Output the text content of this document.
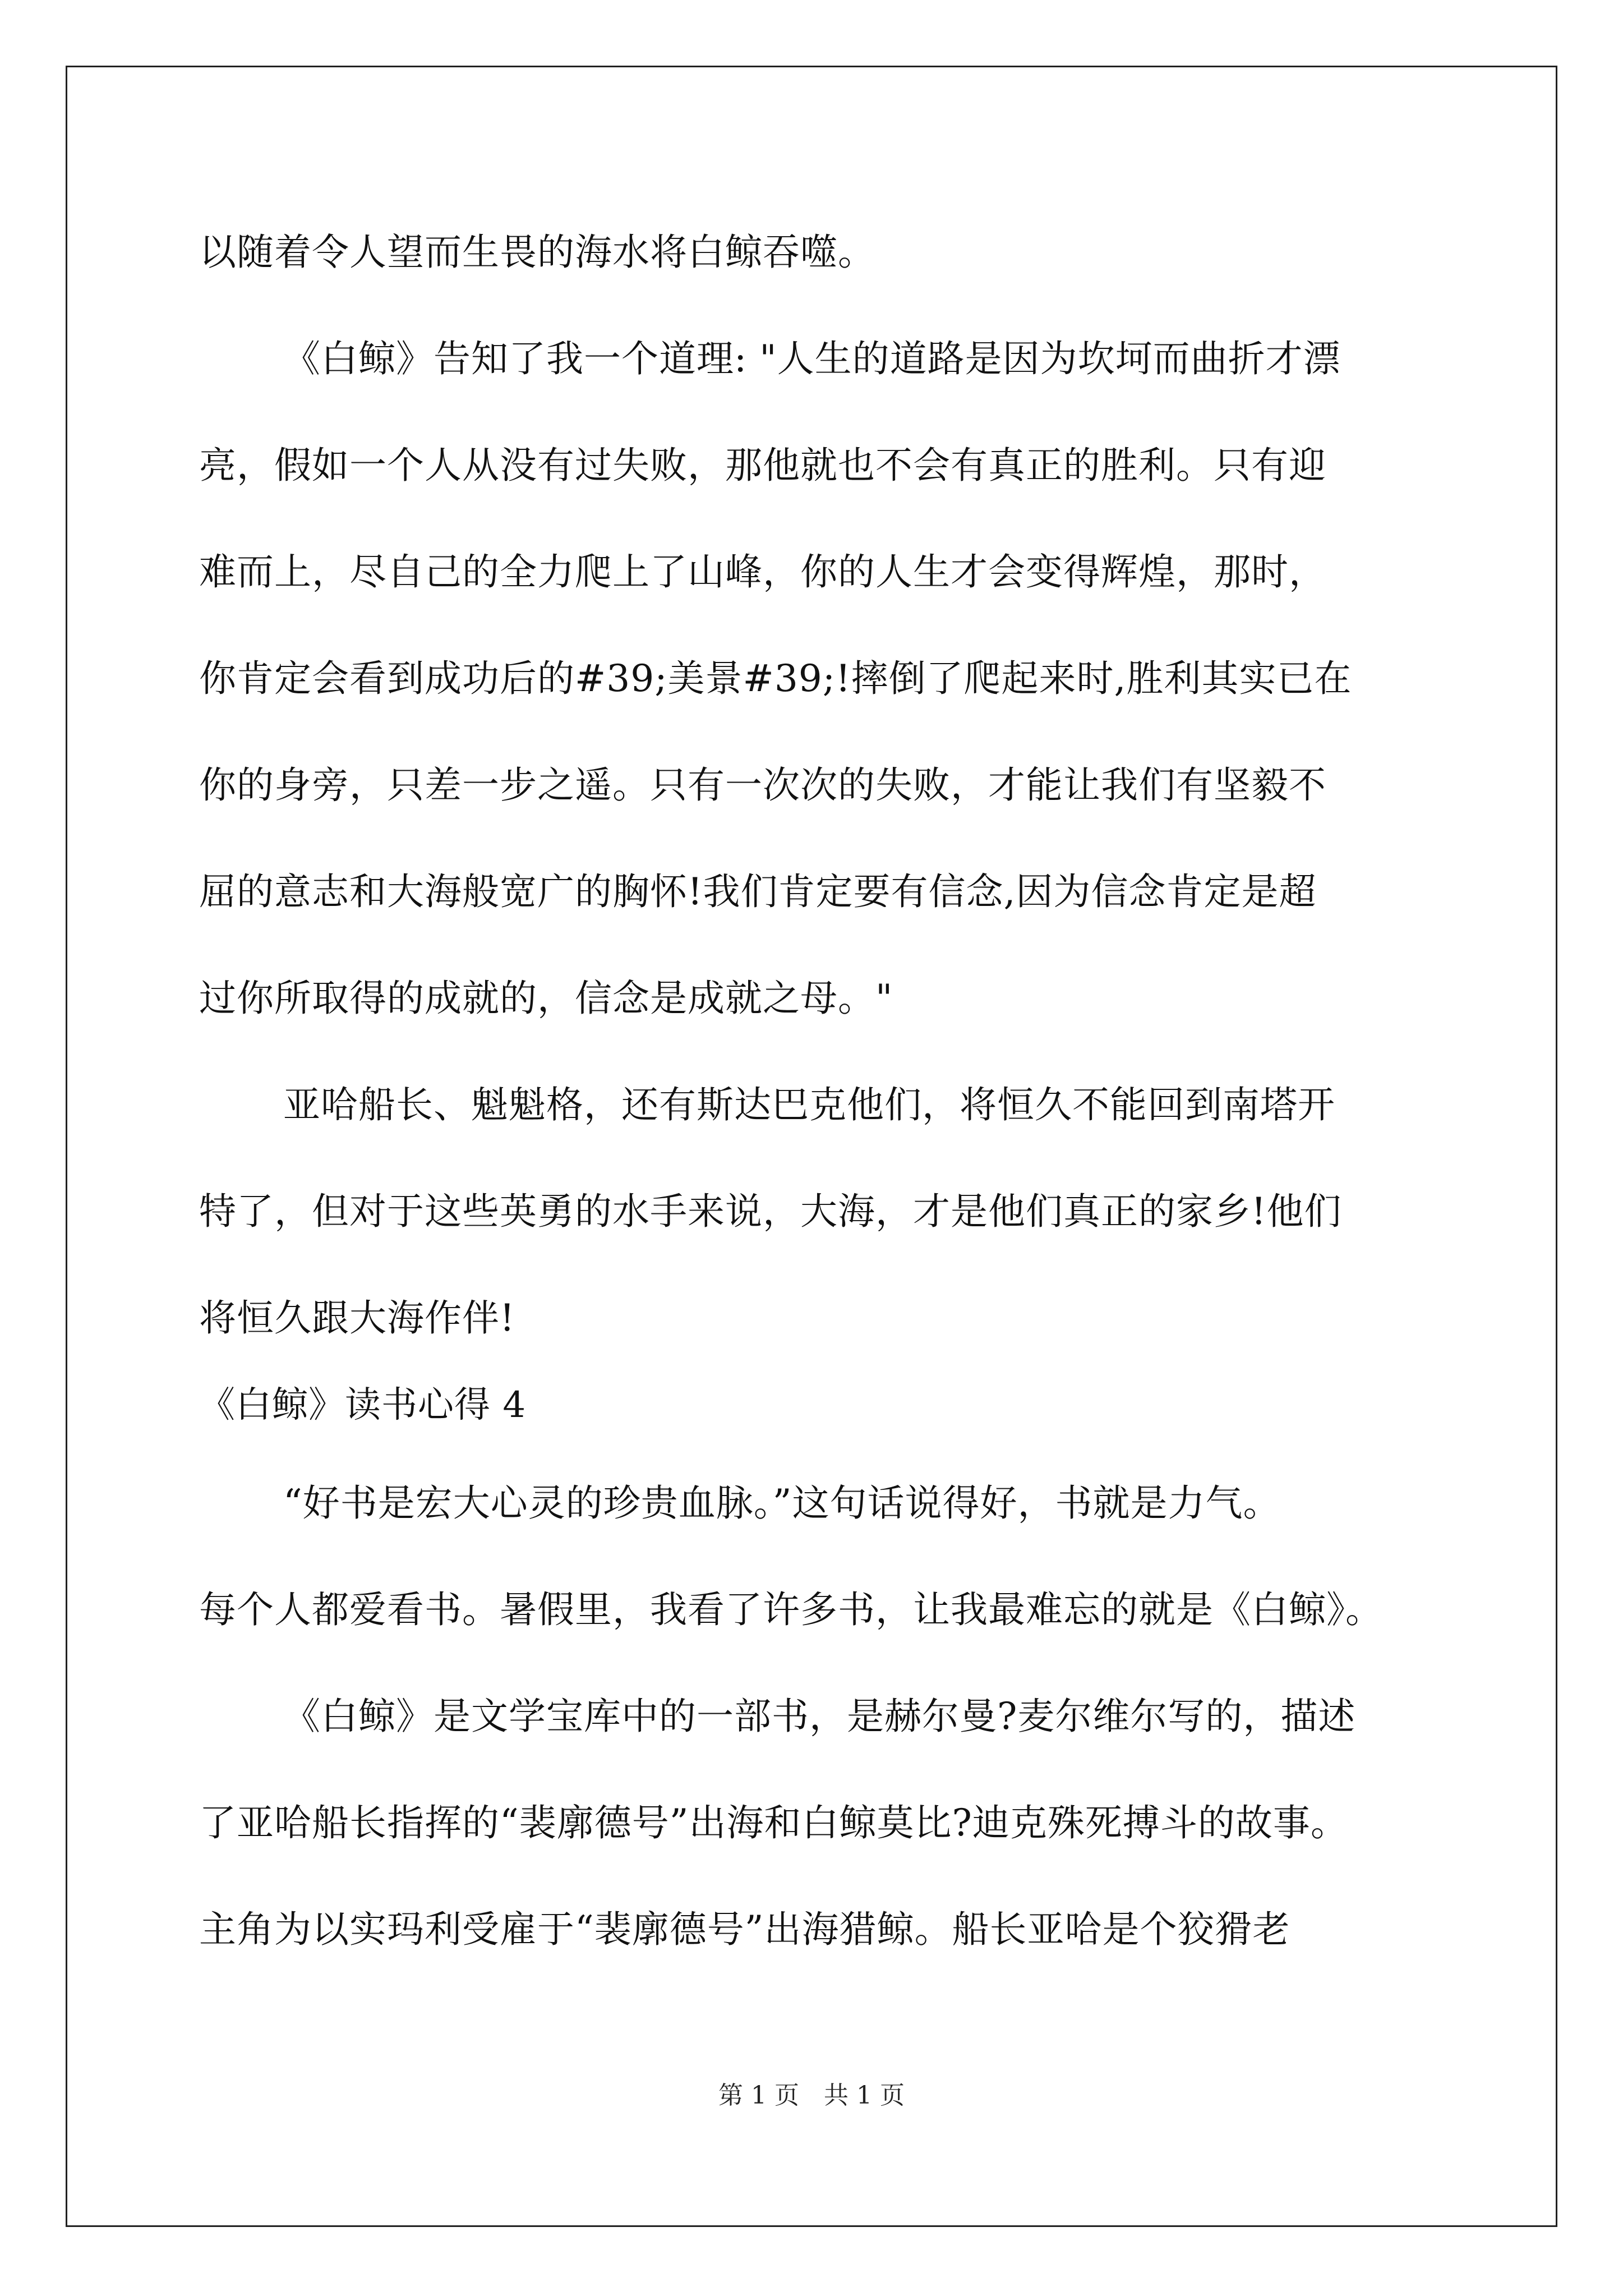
以随着令人望而生畏的海水将白鲸吞噬。
《白鲸》告知了我一个道理: "人生的道路是因为坎坷而曲折才漂
亮，假如一个人从没有过失败，那他就也不会有真正的胜利。只有迎
难而上，尽自己的全力爬上了山峰，你的人生才会变得辉煌，那时，
你肯定会看到成功后的#39;美景#39;!摔倒了爬起来时,胜利其实已在
你的身旁，只差一步之遥。只有一次次的失败，才能让我们有坚毅不
屈的意志和大海般宽广的胸怀!我们肯定要有信念,因为信念肯定是超
过你所取得的成就的，信念是成就之母。"
亚哈船长、魁魁格，还有斯达巴克他们，将恒久不能回到南塔开
特了，但对于这些英勇的水手来说，大海，才是他们真正的家乡!他们
将恒久跟大海作伴!
《白鲸》读书心得 4
“好书是宏大心灵的珍贵血脉。”这句话说得好，书就是力气。
每个人都爱看书。暑假里，我看了许多书，让我最难忘的就是《白鲸》。
《白鲸》是文学宝库中的一部书，是赫尔曼?麦尔维尔写的，描述
了亚哈船长指挥的“裴廓德号”出海和白鲸莫比?迪克殊死搏斗的故事。
主角为以实玛利受雇于“裴廓德号”出海猎鲸。船长亚哈是个狡猾老
第 1 页　共 1 页
